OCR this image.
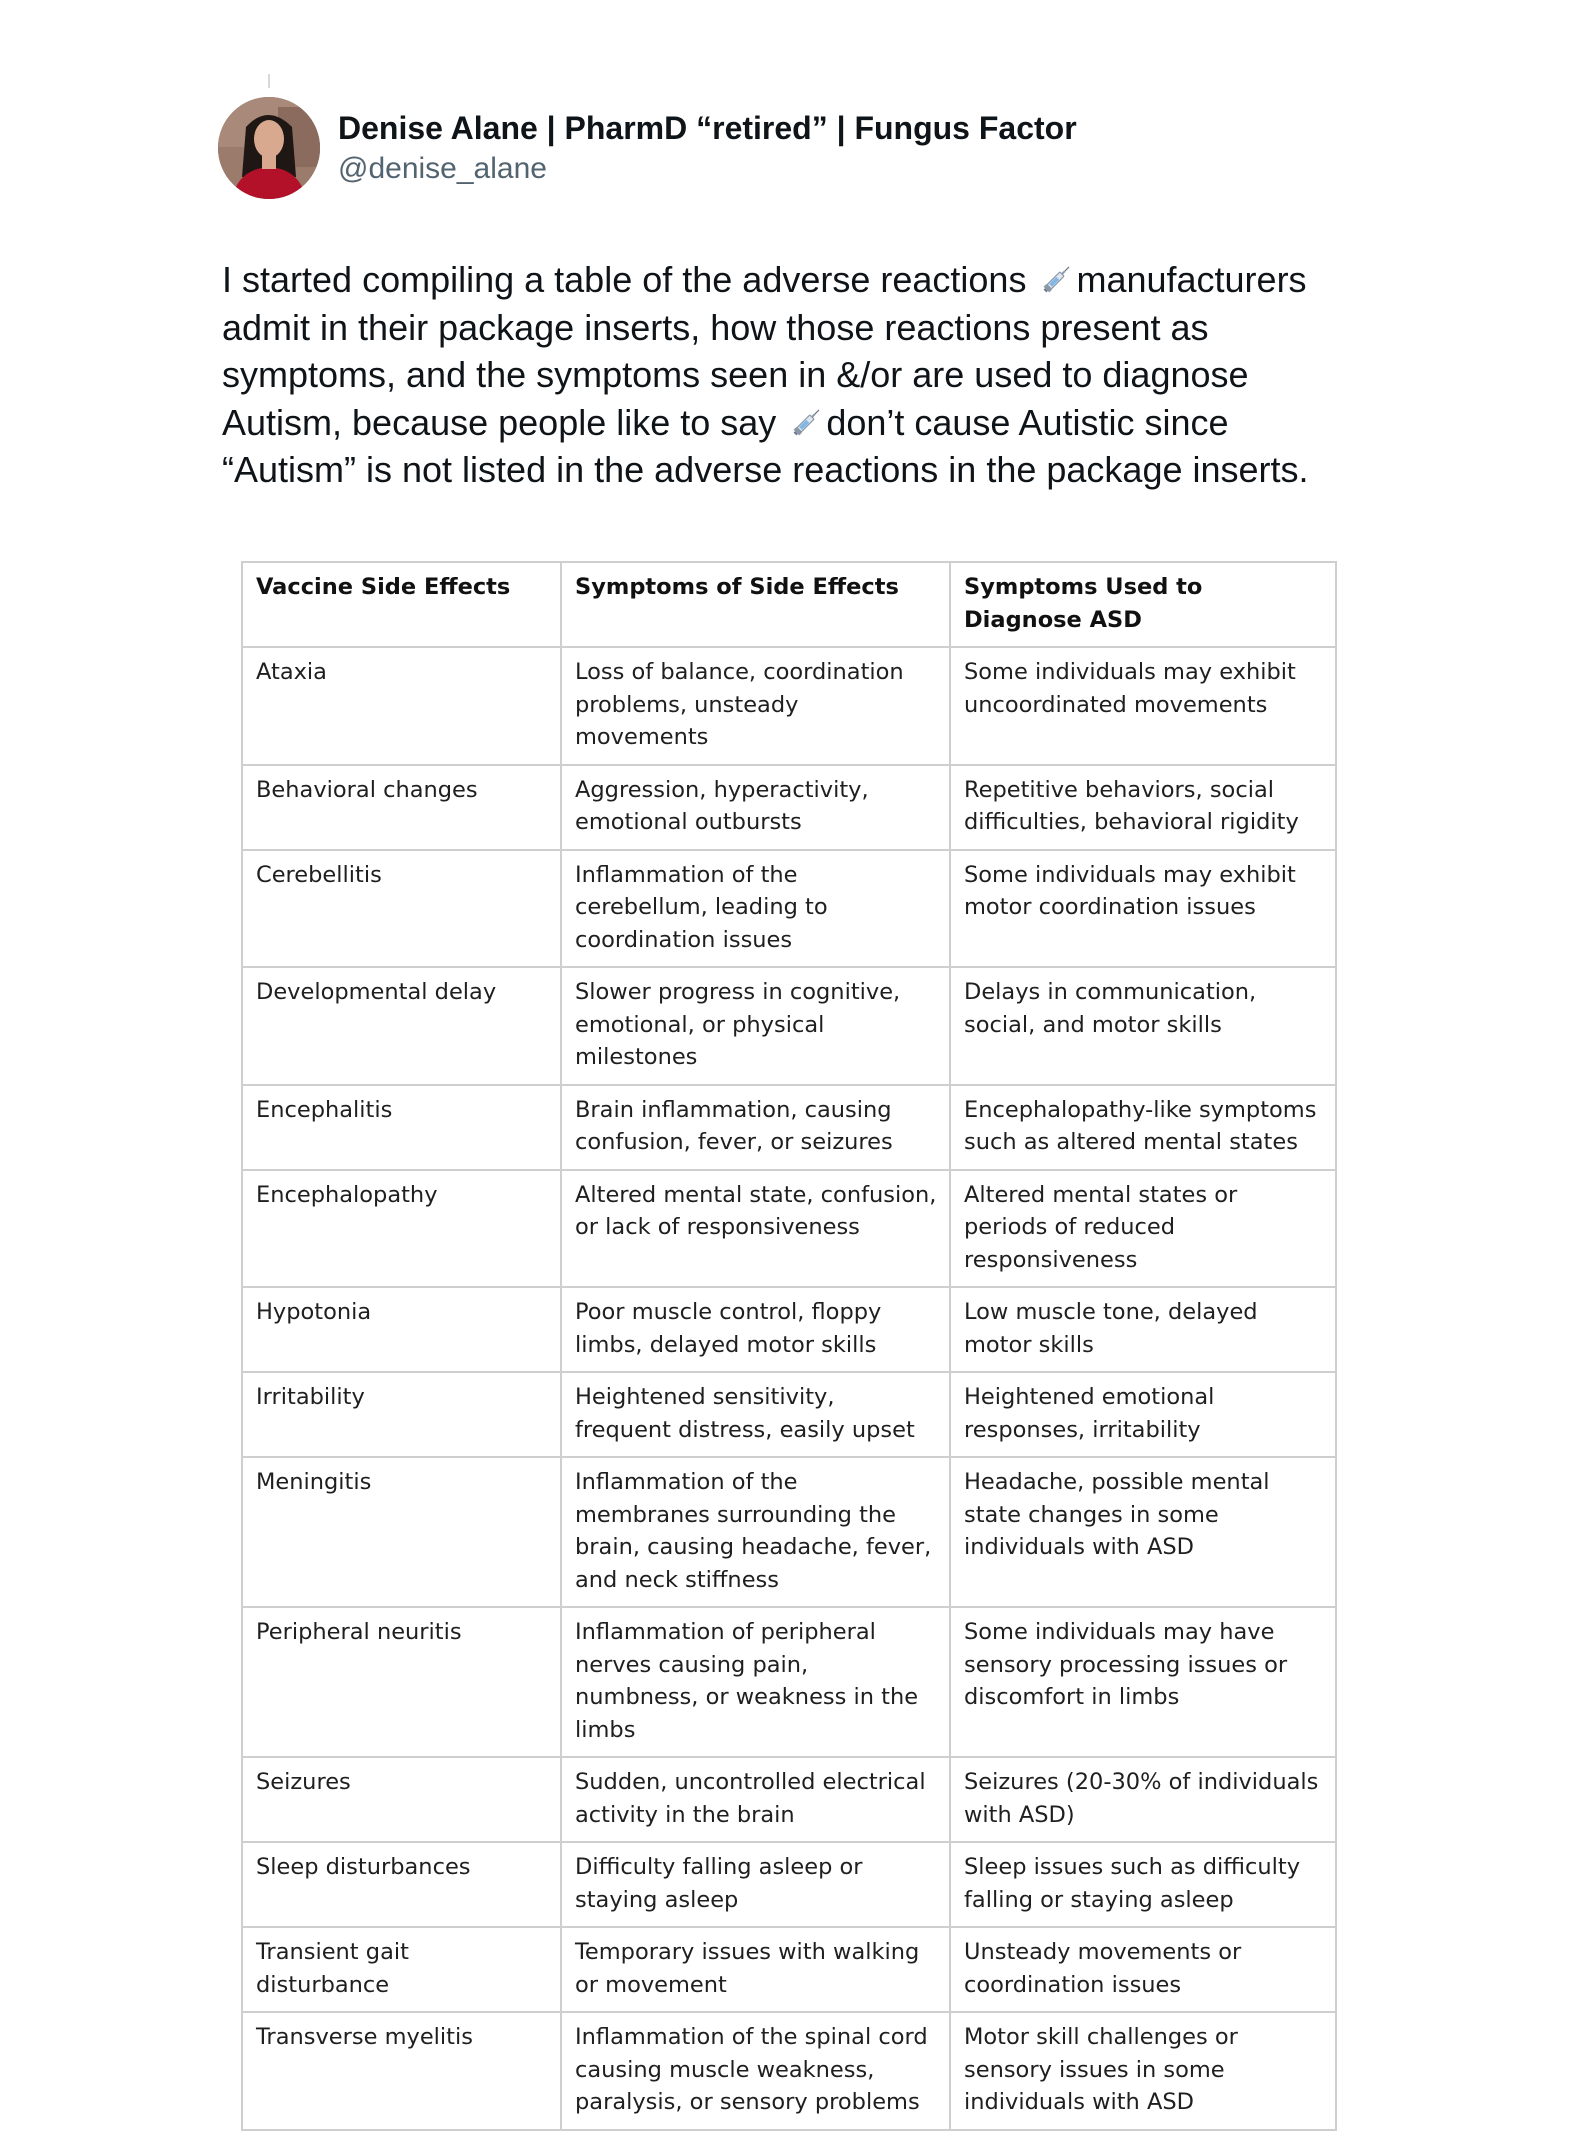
Denise Alane | PharmD “retired” | Fungus Factor
@denise_alane

I started compiling a table of the adverse reactions manufacturers
admit in their package inserts, how those reactions present as
symptoms, and the symptoms seen in &/or are used to diagnose
Autism, because people like to say don’t cause Autistic since
“Autism” is not listed in the adverse reactions in the package inserts.

Vaccine Side Effects	Symptoms of Side Effects	Symptoms Used to Diagnose ASD
Ataxia	Loss of balance, coordination problems, unsteady movements	Some individuals may exhibit uncoordinated movements
Behavioral changes	Aggression, hyperactivity, emotional outbursts	Repetitive behaviors, social difficulties, behavioral rigidity
Cerebellitis	Inflammation of the cerebellum, leading to coordination issues	Some individuals may exhibit motor coordination issues
Developmental delay	Slower progress in cognitive, emotional, or physical milestones	Delays in communication, social, and motor skills
Encephalitis	Brain inflammation, causing confusion, fever, or seizures	Encephalopathy-like symptoms such as altered mental states
Encephalopathy	Altered mental state, confusion, or lack of responsiveness	Altered mental states or periods of reduced responsiveness
Hypotonia	Poor muscle control, floppy limbs, delayed motor skills	Low muscle tone, delayed motor skills
Irritability	Heightened sensitivity, frequent distress, easily upset	Heightened emotional responses, irritability
Meningitis	Inflammation of the membranes surrounding the brain, causing headache, fever, and neck stiffness	Headache, possible mental state changes in some individuals with ASD
Peripheral neuritis	Inflammation of peripheral nerves causing pain, numbness, or weakness in the limbs	Some individuals may have sensory processing issues or discomfort in limbs
Seizures	Sudden, uncontrolled electrical activity in the brain	Seizures (20-30% of individuals with ASD)
Sleep disturbances	Difficulty falling asleep or staying asleep	Sleep issues such as difficulty falling or staying asleep
Transient gait disturbance	Temporary issues with walking or movement	Unsteady movements or coordination issues
Transverse myelitis	Inflammation of the spinal cord causing muscle weakness, paralysis, or sensory problems	Motor skill challenges or sensory issues in some individuals with ASD
